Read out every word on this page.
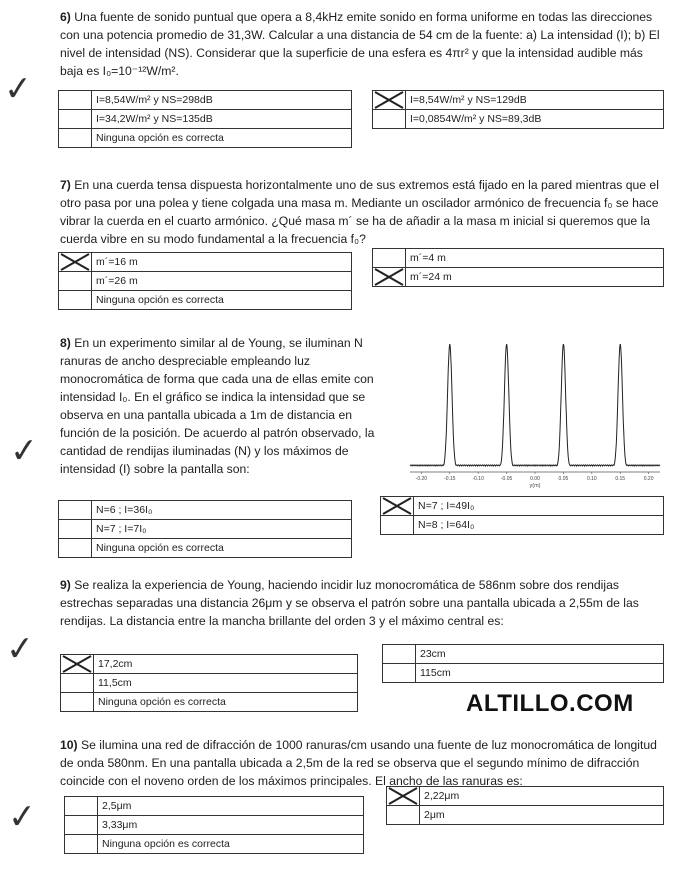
6) Una fuente de sonido puntual que opera a 8,4kHz emite sonido en forma uniforme en todas las direcciones con una potencia promedio de 31,3W. Calcular a una distancia de 54 cm de la fuente: a) La intensidad (I); b) El nivel de intensidad (NS). Considerar que la superficie de una esfera es 4πr² y que la intensidad audible más baja es I₀=10⁻¹²W/m².
✓
		I=8,54W/m² y NS=298dB
	I=34,2W/m² y NS=135dB
	Ninguna opción es correcta
	I=8,54W/m² y NS=129dB
	I=0,0854W/m² y NS=89,3dB
7) En una cuerda tensa dispuesta horizontalmente uno de sus extremos está fijado en la pared mientras que el otro pasa por una polea y tiene colgada una masa m. Mediante un oscilador armónico de frecuencia f₀ se hace vibrar la cuerda en el cuarto armónico. ¿Qué masa m´ se ha de añadir a la masa m inicial si queremos que la cuerda vibre en su modo fundamental a la frecuencia f₀?
	m´=16 m
	m´=26 m
	Ninguna opción es correcta
	m´=4 m

	m´=24 m
8) En un experimento similar al de Young, se iluminan N ranuras de ancho despreciable empleando luz monocromática de forma que cada una de ellas emite con intensidad I₀. En el gráfico se indica la intensidad que se observa en una pantalla ubicada a 1m de distancia en función de la posición. De acuerdo al patrón observado, la cantidad de rendijas iluminadas (N) y los máximos de intensidad (I) sobre la pantalla son:
✓
-0.20	-0.15	-0.10	-0.05	0.00	0.05	0.10	0.15	0.20
y(m)
	N=6 ; I=36I₀
	N=7 ; I=7I₀
	Ninguna opción es correcta
	N=7 ; I=49I₀
	N=8 ; I=64I₀
9) Se realiza la experiencia de Young, haciendo incidir luz monocromática de 586nm sobre dos rendijas estrechas separadas una distancia 26μm y se observa el patrón sobre una pantalla ubicada a 2,55m de las rendijas. La distancia entre la mancha brillante del orden 3 y el máximo central es:
✓
		17,2cm
	11,5cm
	Ninguna opción es correcta
	23cm
	115cm
ALTILLO.COM
10) Se ilumina una red de difracción de 1000 ranuras/cm usando una fuente de luz monocromática de longitud de onda 580nm. En una pantalla ubicada a 2,5m de la red se observa que el segundo mínimo de difracción coincide con el noveno orden de los máximos principales. El ancho de las ranuras es:
✓
		2,5μm
	3,33μm
	Ninguna opción es correcta
	2,22μm
	2μm
